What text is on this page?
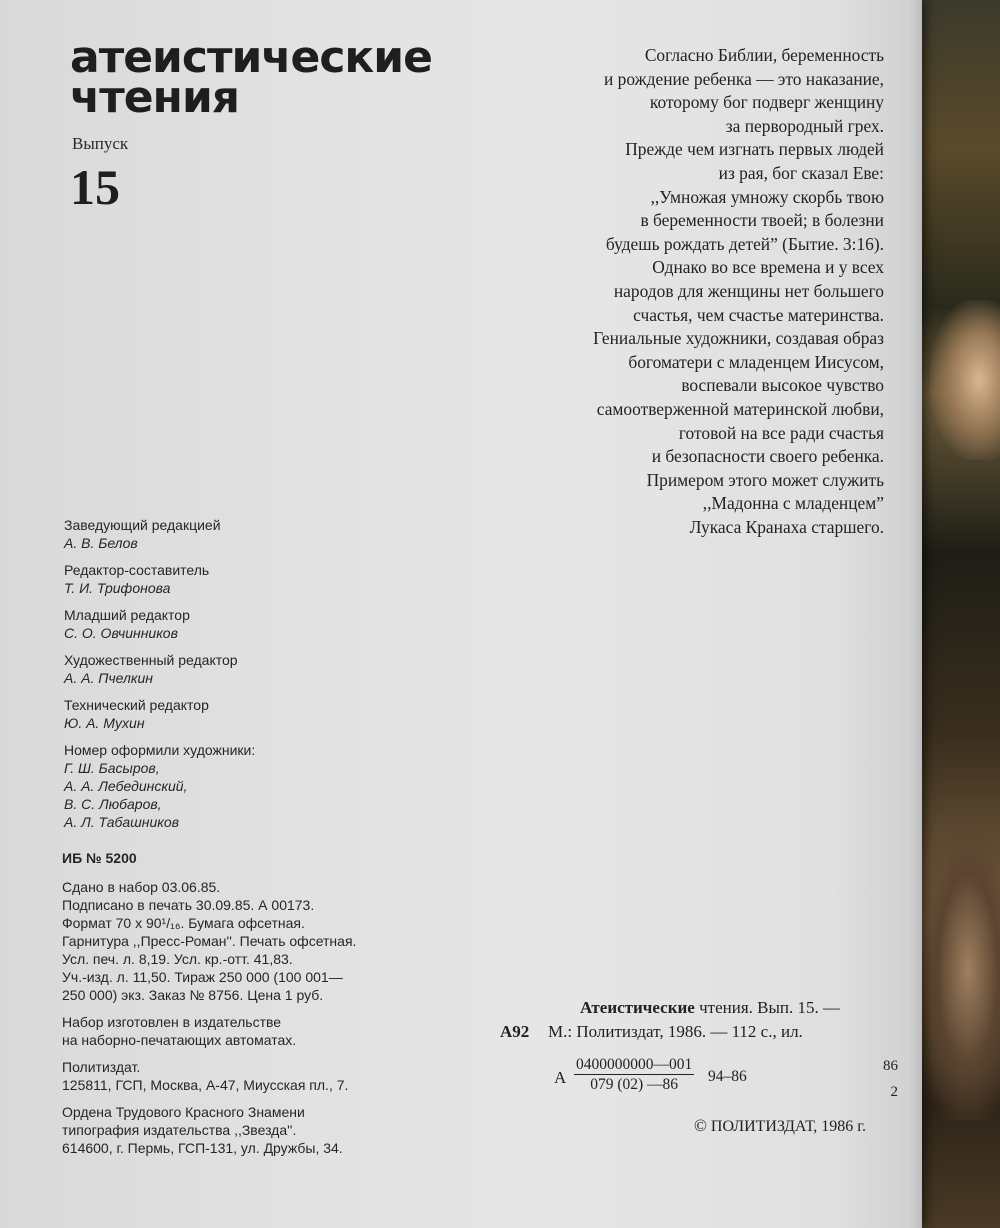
атеистические
чтения
Выпуск
15
Согласно Библии, беременность
и рождение ребенка — это наказание,
которому бог подверг женщину
за первородный грех.
Прежде чем изгнать первых людей
из рая, бог сказал Еве:
,,Умножая умножу скорбь твою
в беременности твоей; в болезни
будешь рождать детей” (Бытие. 3:16).
Однако во все времена и у всех
народов для женщины нет большего
счастья, чем счастье материнства.
Гениальные художники, создавая образ
богоматери с младенцем Иисусом,
воспевали высокое чувство
самоотверженной материнской любви,
готовой на все ради счастья
и безопасности своего ребенка.
Примером этого может служить
,,Мадонна с младенцем”
Лукаса Кранаха старшего.
Заведующий редакцией
А. В. Белов
Редактор-составитель
Т. И. Трифонова
Младший редактор
С. О. Овчинников
Художественный редактор
А. А. Пчелкин
Технический редактор
Ю. А. Мухин
Номер оформили художники:
Г. Ш. Басыров,
А. А. Лебединский,
В. С. Любаров,
А. Л. Табашников
ИБ № 5200
Сдано в набор 03.06.85.
Подписано в печать 30.09.85. А 00173.
Формат 70 x 90¹/₁₆. Бумага офсетная.
Гарнитура ,,Пресс-Роман''. Печать офсетная.
Усл. печ. л. 8,19. Усл. кр.-отт. 41,83.
Уч.-изд. л. 11,50. Тираж 250 000 (100 001—
250 000) экз. Заказ № 8756. Цена 1 руб.
Набор изготовлен в издательстве
на наборно-печатающих автоматах.
Политиздат.
125811, ГСП, Москва, А-47, Миусская пл., 7.
Ордена Трудового Красного Знамени
типография издательства ,,Звезда''.
614600, г. Пермь, ГСП-131, ул. Дружбы, 34.
Атеистические чтения. Вып. 15. —
А92 М.: Политиздат, 1986. — 112 с., ил.
А $\frac{0400000000—001}{079 (02) —86} 94-86$
86
2
© ПОЛИТИЗДАТ, 1986 г.
